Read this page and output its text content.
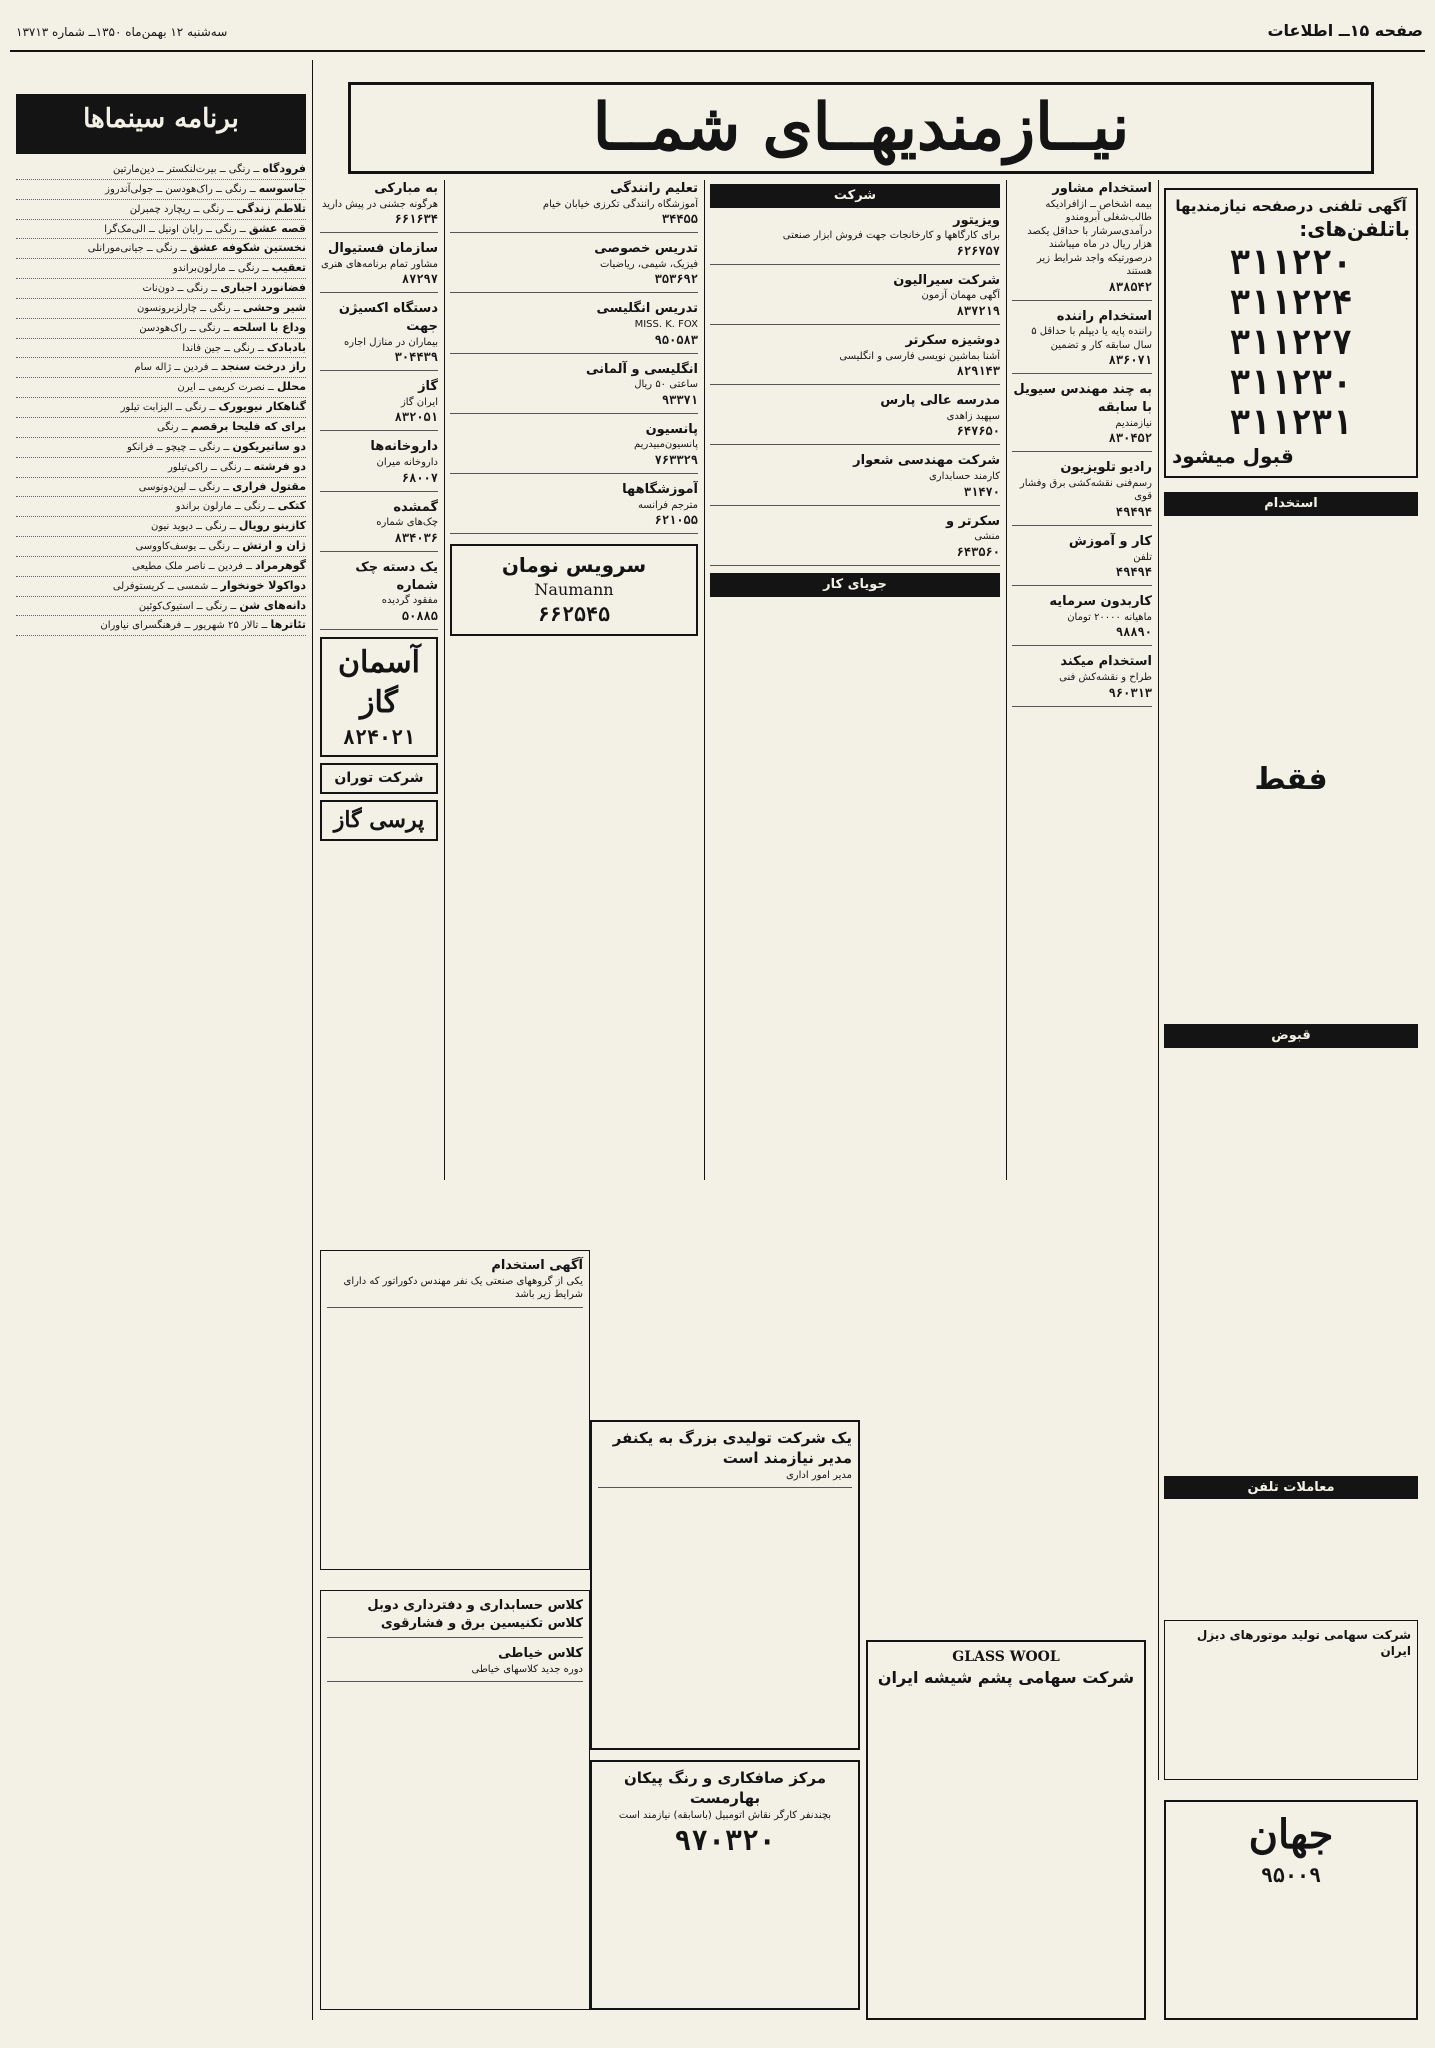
صفحه ۱۵ــ اطلاعات
سه‌شنبه ۱۲ بهمن‌ماه ۱۳۵۰ــ شماره ۱۳۷۱۳
نیــازمندیهــای شمــا
برنامه سینماها
فرودگاه ــ رنگی ــ بیرت‌لنکستر ــ دین‌مارتین
جاسوسه ــ رنگی ــ راک‌هودسن ــ جولی‌آندروز
تلاطم زندگی ــ رنگی ــ ریچارد چمبرلن
قصه عشق ــ رنگی ــ رایان اونیل ــ الی‌مک‌گرا
نخستین شکوفه عشق ــ رنگی ــ جیانی‌مورانلی
تعقیب ــ رنگی ــ مارلون‌براندو
فضانورد اجباری ــ رنگی ــ دون‌نات
شیر وحشی ــ رنگی ــ چارلزبرونسون
وداع با اسلحه ــ رنگی ــ راک‌هودسن
بادبادک ــ رنگی ــ جین فاندا
راز درخت سنجد ــ فردین ــ ژاله سام
محلل ــ نصرت کریمی ــ ایرن
گناهکار نیویورک ــ رنگی ــ الیزابت تیلور
برای که فلیحا برقصم ــ رنگی
دو ساتیریکون ــ رنگی ــ چیچو ــ فرانکو
دو فرشته ــ رنگی ــ راکی‌تیلور
مقتول فراری ــ رنگی ــ لین‌دونوسی
کتکی ــ رنگی ــ مارلون براندو
کازینو رویال ــ رنگی ــ دیوید نیون
ژان و ارتش ــ رنگی ــ یوسف‌کاووسی
گوهرمراد ــ فردین ــ ناصر ملک مطیعی
دواکولا خونخوار ــ شمسی ــ کریستوفرلی
دانه‌های شن ــ رنگی ــ استیوک‌کوئین
تئاترها ــ تالار ۲۵ شهریور ــ فرهنگسرای نیاوران
به مبارکی
هرگونه جشنی در پیش دارید
۶۶۱۶۳۴
سازمان فستیوال
مشاور تمام برنامه‌های هنری
۸۷۲۹۷
دستگاه اکسیژن جهت
بیماران در منازل اجاره
۳۰۴۴۳۹
گاز
ایران گاز
۸۳۲۰۵۱
داروخانه‌ها
داروخانه میران
۶۸۰۰۷
گمشده
چک‌های شماره
۸۳۴۰۳۶
یک دسته چک شماره
مفقود گردیده
۵۰۸۸۵
آسمان گاز
۸۲۴۰۲۱
شرکت توران
پرسی گاز
تعلیم رانندگی
آموزشگاه رانندگی تکرزی خیابان خیام
۳۴۴۵۵
تدریس خصوصی
فیزیک، شیمی، ریاضیات
۳۵۳۶۹۲
تدریس انگلیسی
MISS. K. FOX
۹۵۰۵۸۳
انگلیسی و آلمانی
ساعتی ۵۰ ریال
۹۳۳۷۱
پانسیون
پانسیون‌مبیدریم
۷۶۳۳۲۹
آموزشگاهها
مترجم فرانسه
۶۲۱۰۵۵
سرویس نومان
Naumann
۶۶۲۵۴۵
شرکت
ویزیتور
برای کارگاهها و کارخانجات جهت فروش ابزار صنعتی
۶۲۶۷۵۷
شرکت سیرالیون
آگهی مهمان آزمون
۸۳۷۲۱۹
دوشیزه سکرتر
آشنا بماشین نویسی فارسی و انگلیسی
۸۲۹۱۴۳
مدرسه عالی پارس
سپهبد زاهدی
۶۴۷۶۵۰
شرکت مهندسی شعوار
کارمند حسابداری
۳۱۴۷۰
سکرتر و
منشی
۶۴۳۵۶۰
جویای کار
استخدام مشاور
بیمه اشخاص ــ ازافرادیکه طالب‌شغلی آبرومندو درآمدی‌سرشار با حداقل یکصد هزار ریال در ماه میباشند درصورتیکه واجد شرایط زیر هستند
۸۳۸۵۴۲
استخدام راننده
راننده پایه یا دیپلم با حداقل ۵ سال سابقه کار و تضمین
۸۳۶۰۷۱
به چند مهندس سیویل با سابقه
نیازمندیم
۸۳۰۴۵۲
رادیو تلویزیون
رسم‌فنی نقشه‌کشی برق وفشار قوی
۴۹۴۹۴
کار و آموزش
تلفن
۴۹۴۹۴
کاربدون سرمایه
ماهیانه ۲۰۰۰۰ تومان
۹۸۸۹۰
استخدام میکند
طراح و نقشه‌کش فنی
۹۶۰۳۱۳
آگهی تلفنی درصفحه نیازمندیها
باتلفن‌های:
۳۱۱۲۲۰
۳۱۱۲۲۴
۳۱۱۲۲۷
۳۱۱۲۳۰
۳۱۱۲۳۱
قبول میشود
استخدام
فقط
قبوض
معاملات تلفن
آگهی استخدام
یکی از گروههای صنعتی یک نفر مهندس دکوراتور که دارای شرایط زیر باشد
کلاس حسابداری و دفترداری دوبل
کلاس تکنیسین برق و فشارقوی
کلاس خیاطی
دوره جدید کلاسهای خیاطی
یک شرکت تولیدی بزرگ به یکنفر مدیر نیازمند است
مدیر امور اداری
مرکز صافکاری و رنگ پیکان بهارمست
بچندنفر کارگر نقاش اتومبیل (باسابقه) نیازمند است
۹۷۰۳۲۰
GLASS WOOL
شرکت سهامی پشم شیشه ایران
شرکت سهامی تولید موتورهای دیزل ایران
جهان
۹۵۰۰۹
